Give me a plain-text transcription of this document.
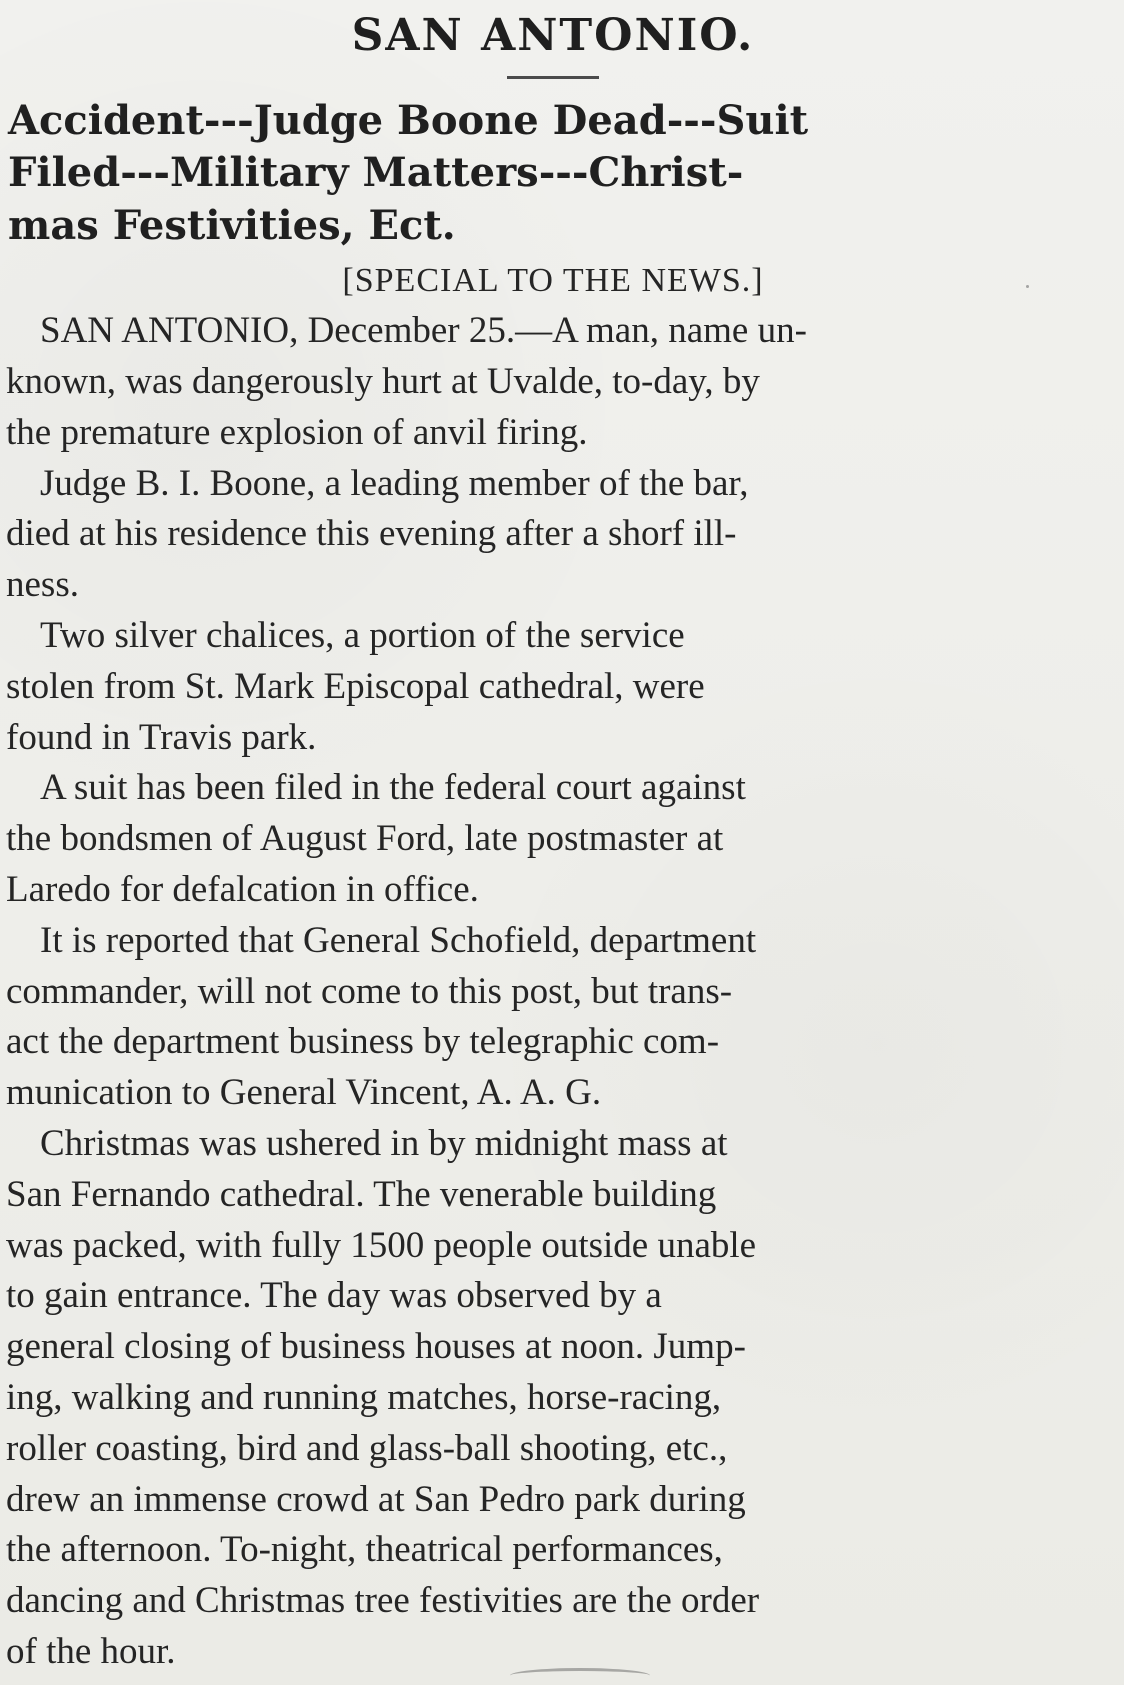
SAN ANTONIO.
Accident---Judge Boone Dead---Suit
Filed---Military Matters---Christ-
mas Festivities, Ect.
[SPECIAL TO THE NEWS.]
SAN ANTONIO, December 25.—A man, name un-
known, was dangerously hurt at Uvalde, to-day, by
the premature explosion of anvil firing.
Judge B. I. Boone, a leading member of the bar,
died at his residence this evening after a shorf ill-
ness.
Two silver chalices, a portion of the service
stolen from St. Mark Episcopal cathedral, were
found in Travis park.
A suit has been filed in the federal court against
the bondsmen of August Ford, late postmaster at
Laredo for defalcation in office.
It is reported that General Schofield, department
commander, will not come to this post, but trans-
act the department business by telegraphic com-
munication to General Vincent, A. A. G.
Christmas was ushered in by midnight mass at
San Fernando cathedral. The venerable building
was packed, with fully 1500 people outside unable
to gain entrance. The day was observed by a
general closing of business houses at noon. Jump-
ing, walking and running matches, horse-racing,
roller coasting, bird and glass-ball shooting, etc.,
drew an immense crowd at San Pedro park during
the afternoon. To-night, theatrical performances,
dancing and Christmas tree festivities are the order
of the hour.
